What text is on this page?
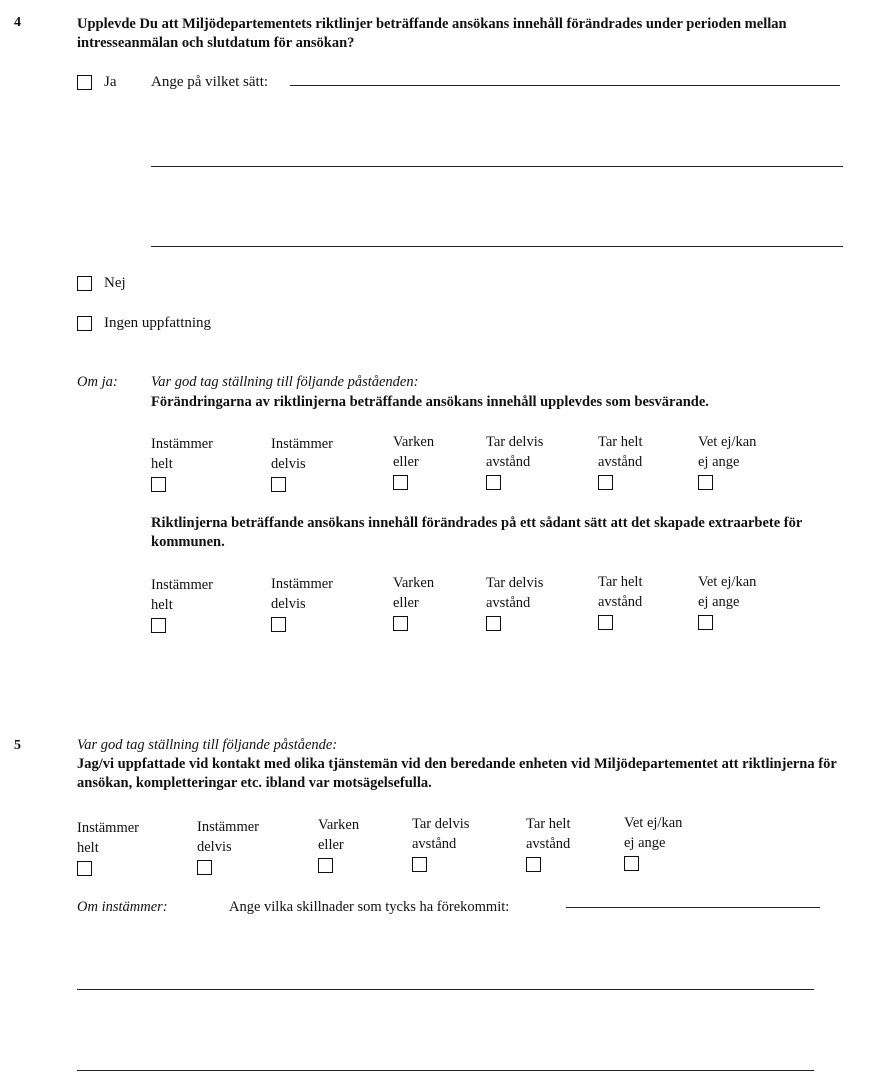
4	Upplevde Du att Miljödepartementets riktlinjer beträffande ansökans innehåll förändrades under perioden mellan intresseanmälan och slutdatum för ansökan?
Ja Ange på vilket sätt:
Nej
Ingen uppfattning
Om ja: Var god tag ställning till följande påståenden:
Förändringarna av riktlinjerna beträffande ansökans innehåll upplevdes som besvärande.
Instämmer
helt
Instämmer
delvis
Varken
eller
Tar delvis
avstånd
Tar helt
avstånd
Vet ej/kan
ej ange
Riktlinjerna beträffande ansökans innehåll förändrades på ett sådant sätt att det skapade extraarbete för kommunen.
Instämmer
helt
Instämmer
delvis
Varken
eller
Tar delvis
avstånd
Tar helt
avstånd
Vet ej/kan
ej ange
5	Var god tag ställning till följande påstående:
Jag/vi uppfattade vid kontakt med olika tjänstemän vid den beredande enheten vid Miljödepartementet att riktlinjerna för ansökan, kompletteringar etc. ibland var motsägelsefulla.
Instämmer
helt
Instämmer
delvis
Varken
eller
Tar delvis
avstånd
Tar helt
avstånd
Vet ej/kan
ej ange
Om instämmer:	Ange vilka skillnader som tycks ha förekommit:
